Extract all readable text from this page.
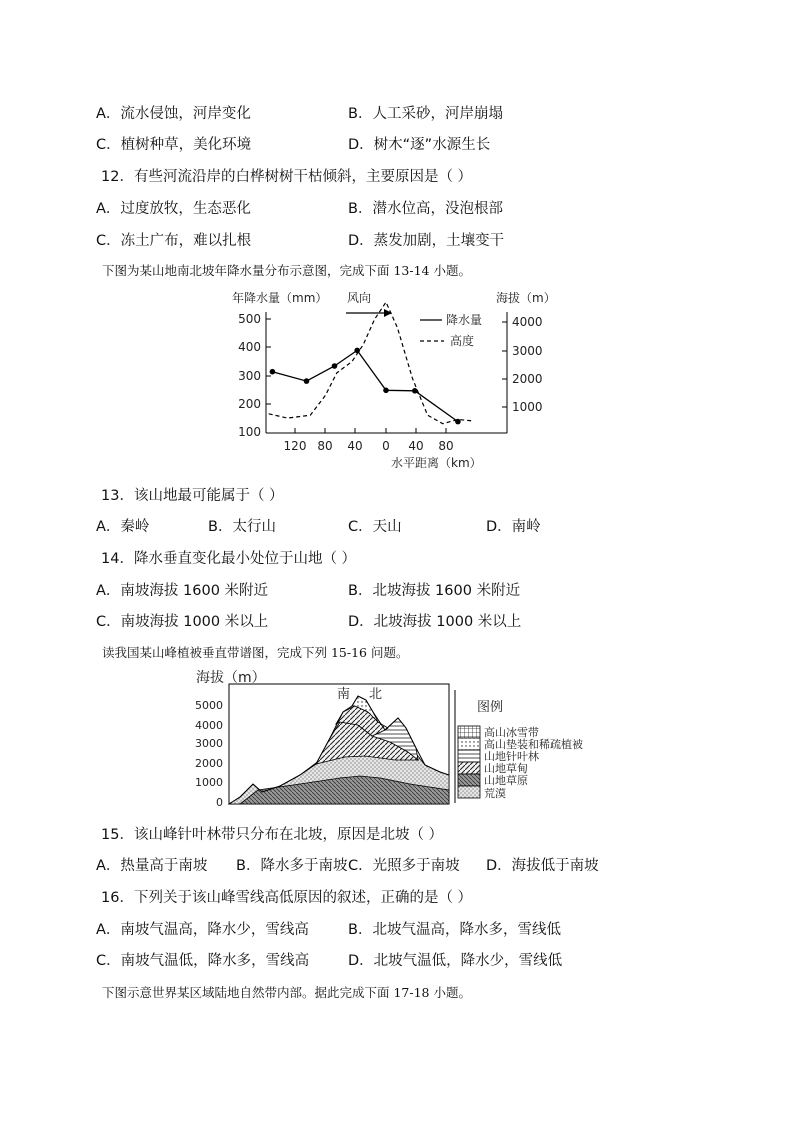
A．流水侵蚀，河岸变化	B．人工采砂，河岸崩塌
C．植树种草，美化环境	D．树木“逐”水源生长
12．有些河流沿岸的白桦树树干枯倾斜，主要原因是（ ）
A．过度放牧，生态恶化	B．潜水位高，没泡根部
C．冻土广布，难以扎根	D．蒸发加剧，土壤变干
下图为某山地南北坡年降水量分布示意图，完成下面 13-14 小题。
年降水量（mm）	海拔（m）
风向
水平距离（km）
降水量
高度
500
400
300
200
100
4000
3000
2000
1000
120 80 40 0 40 80
13．该山地最可能属于（ ）
A．秦岭	B．太行山	C．天山	D．南岭
14．降水垂直变化最小处位于山地（ ）
A．南坡海拔 1600 米附近	B．北坡海拔 1600 米附近
C．南坡海拔 1000 米以上	D．北坡海拔 1000 米以上
读我国某山峰植被垂直带谱图，完成下列 15-16 问题。
海拔（m）
南 北
5000
4000
3000
2000
1000
0
图例
高山冰雪带
高山垫装和稀疏植被
山地针叶林
山地草甸
山地草原
荒漠
15．该山峰针叶林带只分布在北坡，原因是北坡（ ）
A．热量高于南坡 B．降水多于南坡 C．光照多于南坡 D．海拔低于南坡
16．下列关于该山峰雪线高低原因的叙述，正确的是（ ）
A．南坡气温高，降水少，雪线高	B．北坡气温高，降水多，雪线低
C．南坡气温低，降水多，雪线高	D．北坡气温低，降水少，雪线低
下图示意世界某区域陆地自然带内部。据此完成下面 17-18 小题。
